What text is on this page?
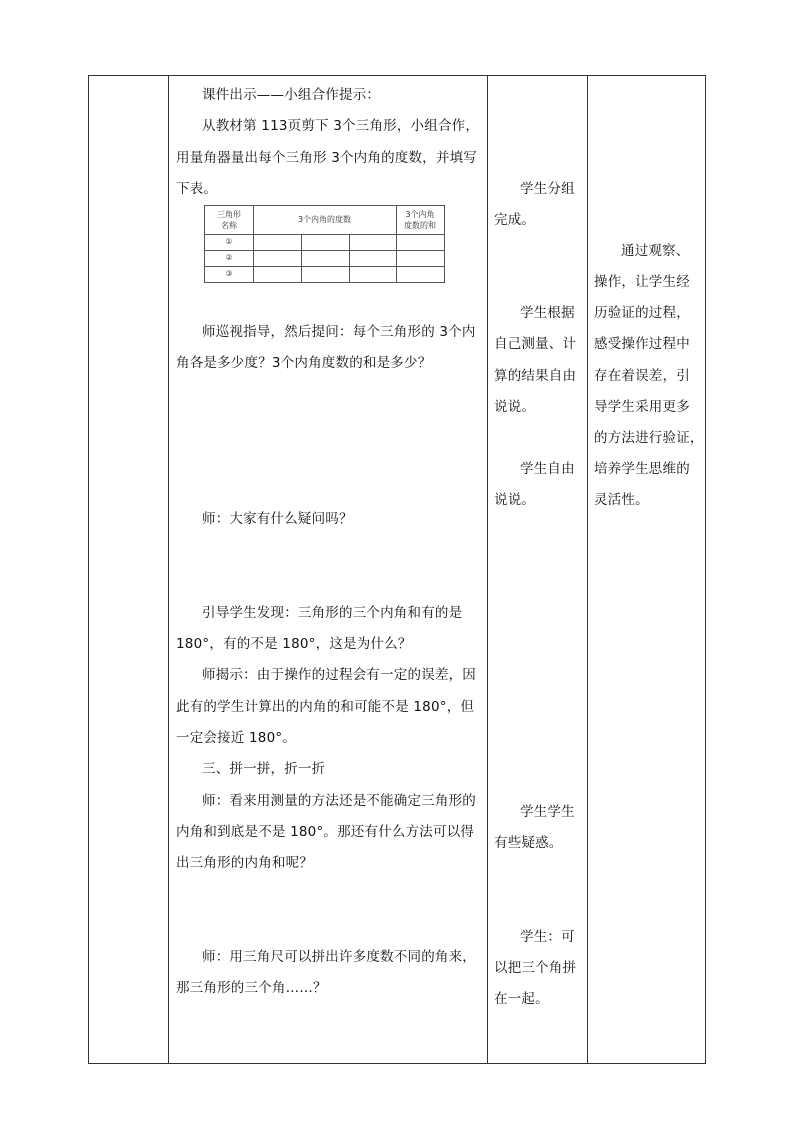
课件出示——小组合作提示：
从教材第 113页剪下 3个三角形，小组合作，
用量角器量出每个三角形 3个内角的度数，并填写
下表。
三角形
名称
3个内角的度数
3个内角
度数的和
①
②
③
师巡视指导，然后提问：每个三角形的 3个内
角各是多少度？3个内角度数的和是多少？
师：大家有什么疑问吗？
引导学生发现：三角形的三个内角和有的是
180°，有的不是 180°，这是为什么？
师揭示：由于操作的过程会有一定的误差，因
此有的学生计算出的内角的和可能不是 180°，但
一定会接近 180°。
三、拼一拼，折一折
师：看来用测量的方法还是不能确定三角形的
内角和到底是不是 180°。那还有什么方法可以得
出三角形的内角和呢？
师：用三角尺可以拼出许多度数不同的角来，
那三角形的三个角……？
学生分组
完成。
学生根据
自己测量、计
算的结果自由
说说。
学生自由
说说。
学生学生
有些疑惑。
学生：可
以把三个角拼
在一起。
通过观察、
操作，让学生经
历验证的过程，
感受操作过程中
存在着误差，引
导学生采用更多
的方法进行验证，
培养学生思维的
灵活性。
